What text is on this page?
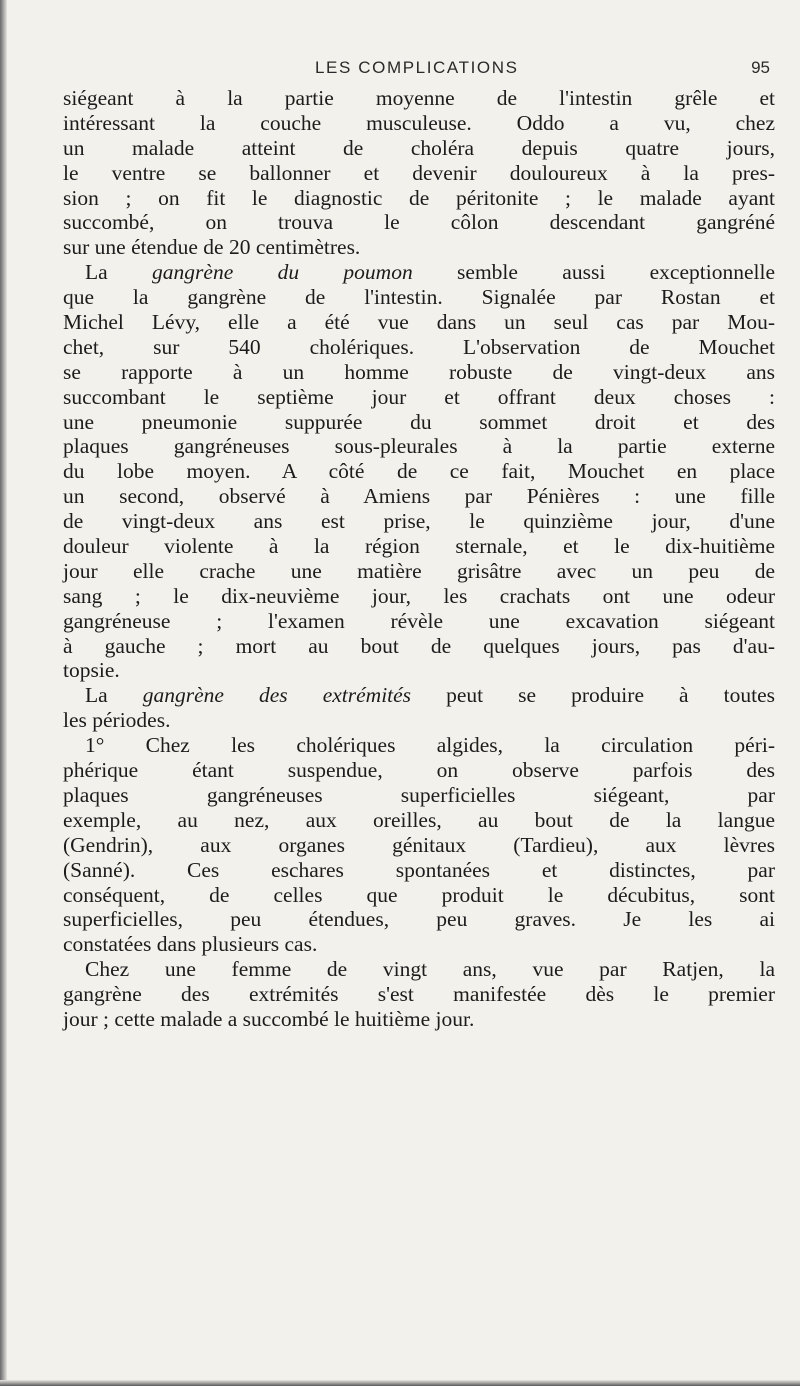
LES COMPLICATIONS	95
siégeant à la partie moyenne de l'intestin grêle et
intéressant la couche musculeuse. Oddo a vu, chez
un malade atteint de choléra depuis quatre jours,
le ventre se ballonner et devenir douloureux à la pres-
sion ; on fit le diagnostic de péritonite ; le malade ayant
succombé, on trouva le côlon descendant gangréné
sur une étendue de 20 centimètres.
La gangrène du poumon semble aussi exceptionnelle
que la gangrène de l'intestin. Signalée par Rostan et
Michel Lévy, elle a été vue dans un seul cas par Mou-
chet, sur 540 cholériques. L'observation de Mouchet
se rapporte à un homme robuste de vingt-deux ans
succombant le septième jour et offrant deux choses :
une pneumonie suppurée du sommet droit et des
plaques gangréneuses sous-pleurales à la partie externe
du lobe moyen. A côté de ce fait, Mouchet en place
un second, observé à Amiens par Pénières : une fille
de vingt-deux ans est prise, le quinzième jour, d'une
douleur violente à la région sternale, et le dix-huitième
jour elle crache une matière grisâtre avec un peu de
sang ; le dix-neuvième jour, les crachats ont une odeur
gangréneuse ; l'examen révèle une excavation siégeant
à gauche ; mort au bout de quelques jours, pas d'au-
topsie.
La gangrène des extrémités peut se produire à toutes
les périodes.
1° Chez les cholériques algides, la circulation péri-
phérique étant suspendue, on observe parfois des
plaques gangréneuses superficielles siégeant, par
exemple, au nez, aux oreilles, au bout de la langue
(Gendrin), aux organes génitaux (Tardieu), aux lèvres
(Sanné). Ces eschares spontanées et distinctes, par
conséquent, de celles que produit le décubitus, sont
superficielles, peu étendues, peu graves. Je les ai
constatées dans plusieurs cas.
Chez une femme de vingt ans, vue par Ratjen, la
gangrène des extrémités s'est manifestée dès le premier
jour ; cette malade a succombé le huitième jour.
